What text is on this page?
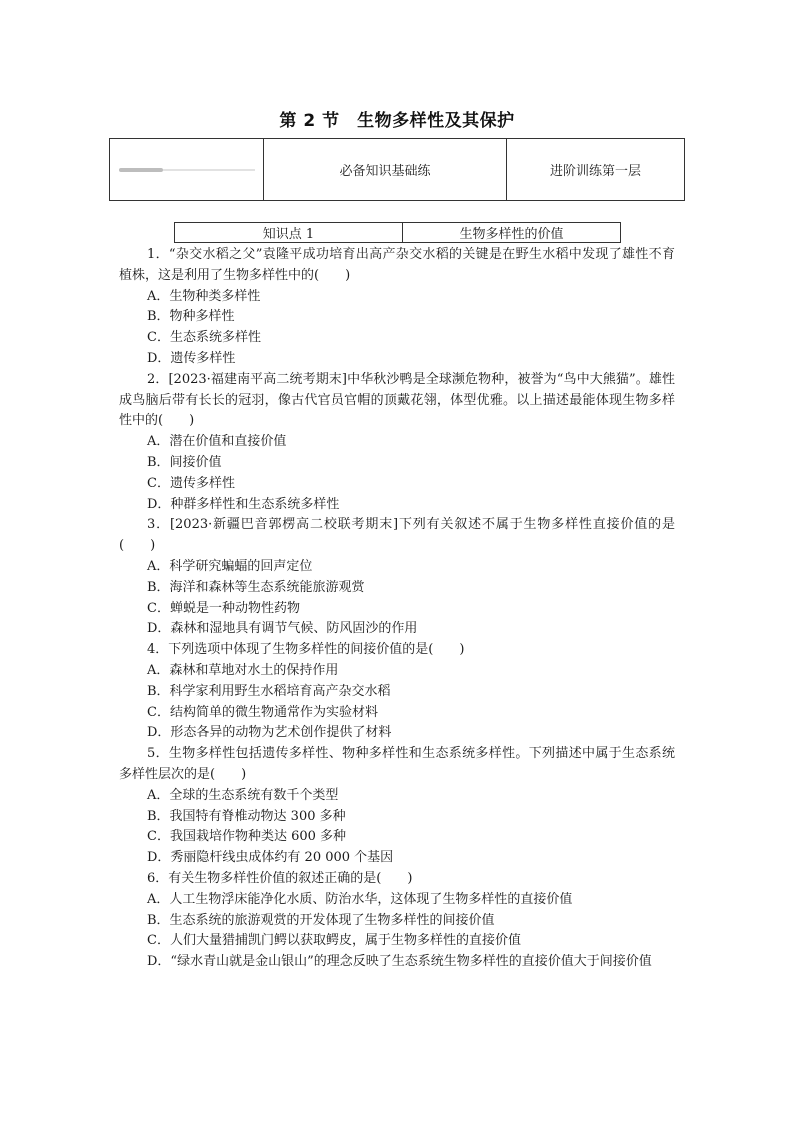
第 2 节　生物多样性及其保护
必备知识基础练	进阶训练第一层
知识点 1	生物多样性的价值

1．“杂交水稻之父”袁隆平成功培育出高产杂交水稻的关键是在野生水稻中发现了雄性不育植株，这是利用了生物多样性中的(　　)

A．生物种类多样性

B．物种多样性

C．生态系统多样性

D．遗传多样性

2．[2023·福建南平高二统考期末]中华秋沙鸭是全球濒危物种，被誉为“鸟中大熊猫”。雄性成鸟脑后带有长长的冠羽，像古代官员官帽的顶戴花翎，体型优雅。以上描述最能体现生物多样性中的(　　)

A．潜在价值和直接价值

B．间接价值

C．遗传多样性

D．种群多样性和生态系统多样性

3．[2023·新疆巴音郭楞高二校联考期末]下列有关叙述不属于生物多样性直接价值的是(　　)

A．科学研究蝙蝠的回声定位

B．海洋和森林等生态系统能旅游观赏

C．蝉蜕是一种动物性药物

D．森林和湿地具有调节气候、防风固沙的作用

4．下列选项中体现了生物多样性的间接价值的是(　　)

A．森林和草地对水土的保持作用

B．科学家利用野生水稻培育高产杂交水稻

C．结构简单的微生物通常作为实验材料

D．形态各异的动物为艺术创作提供了材料

5．生物多样性包括遗传多样性、物种多样性和生态系统多样性。下列描述中属于生态系统多样性层次的是(　　)

A．全球的生态系统有数千个类型

B．我国特有脊椎动物达 300 多种

C．我国栽培作物种类达 600 多种

D．秀丽隐杆线虫成体约有 20 000 个基因

6．有关生物多样性价值的叙述正确的是(　　)

A．人工生物浮床能净化水质、防治水华，这体现了生物多样性的直接价值

B．生态系统的旅游观赏的开发体现了生物多样性的间接价值

C．人们大量猎捕凯门鳄以获取鳄皮，属于生物多样性的直接价值

D．“绿水青山就是金山银山”的理念反映了生态系统生物多样性的直接价值大于间接价值
